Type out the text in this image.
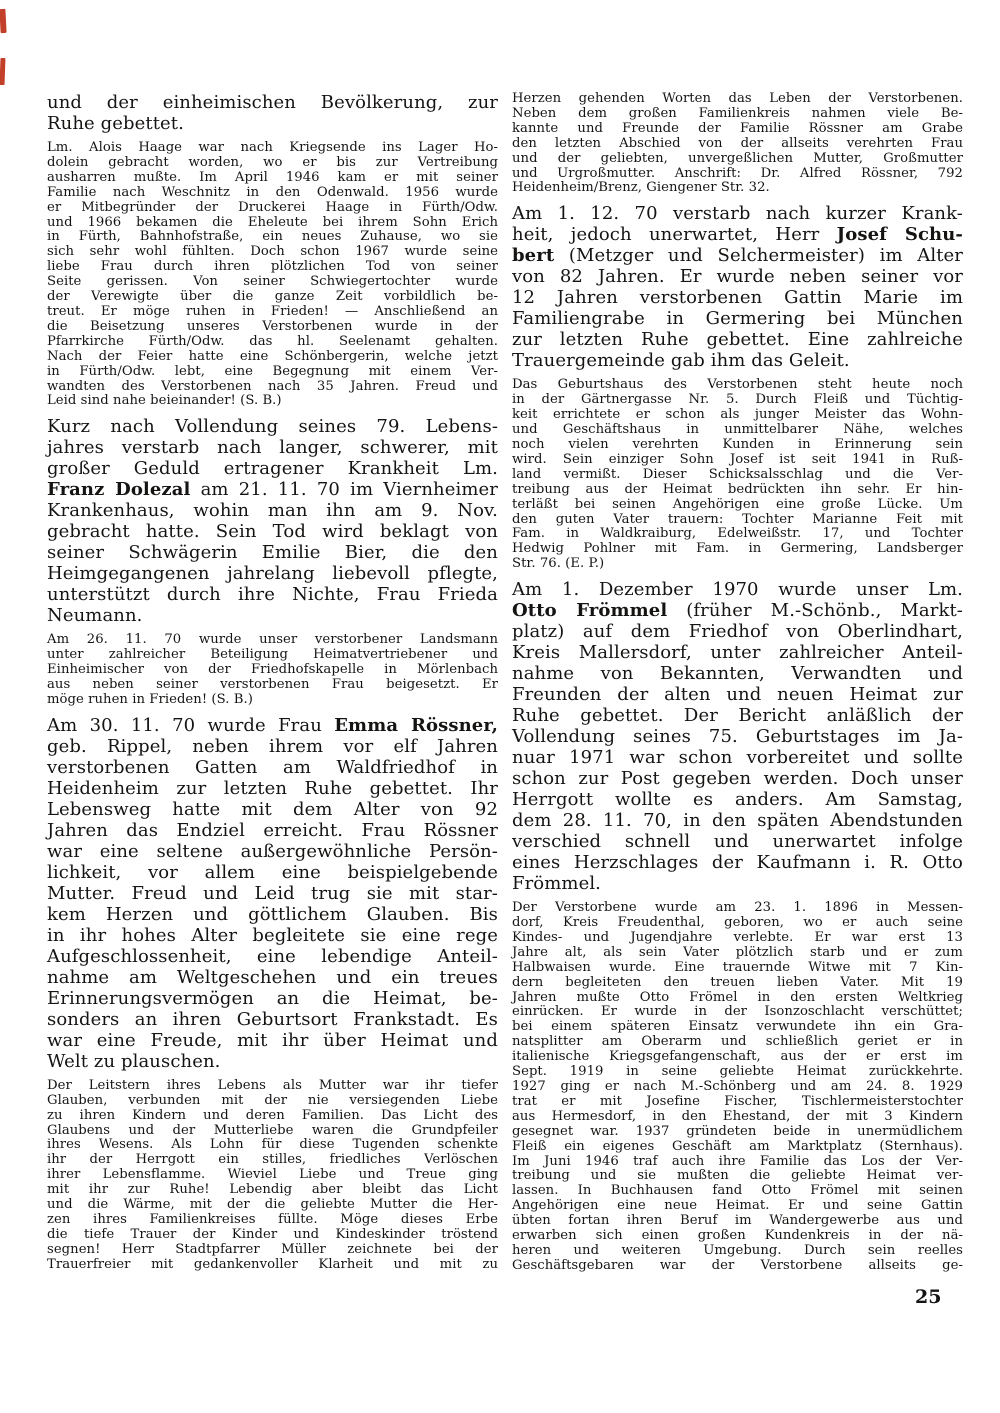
und der einheimischen Bevölkerung, zur
Ruhe gebettet.
Lm. Alois Haage war nach Kriegsende ins Lager Ho-
dolein gebracht worden, wo er bis zur Vertreibung
ausharren mußte. Im April 1946 kam er mit seiner
Familie nach Weschnitz in den Odenwald. 1956 wurde
er Mitbegründer der Druckerei Haage in Fürth/Odw.
und 1966 bekamen die Eheleute bei ihrem Sohn Erich
in Fürth, Bahnhofstraße, ein neues Zuhause, wo sie
sich sehr wohl fühlten. Doch schon 1967 wurde seine
liebe Frau durch ihren plötzlichen Tod von seiner
Seite gerissen. Von seiner Schwiegertochter wurde
der Verewigte über die ganze Zeit vorbildlich be-
treut. Er möge ruhen in Frieden! — Anschließend an
die Beisetzung unseres Verstorbenen wurde in der
Pfarrkirche Fürth/Odw. das hl. Seelenamt gehalten.
Nach der Feier hatte eine Schönbergerin, welche jetzt
in Fürth/Odw. lebt, eine Begegnung mit einem Ver-
wandten des Verstorbenen nach 35 Jahren. Freud und
Leid sind nahe beieinander! (S. B.)
Kurz nach Vollendung seines 79. Lebens-
jahres verstarb nach langer, schwerer, mit
großer Geduld ertragener Krankheit Lm.
Franz Dolezal am 21. 11. 70 im Viernheimer
Krankenhaus, wohin man ihn am 9. Nov.
gebracht hatte. Sein Tod wird beklagt von
seiner Schwägerin Emilie Bier, die den
Heimgegangenen jahrelang liebevoll pflegte,
unterstützt durch ihre Nichte, Frau Frieda
Neumann.
Am 26. 11. 70 wurde unser verstorbener Landsmann
unter zahlreicher Beteiligung Heimatvertriebener und
Einheimischer von der Friedhofskapelle in Mörlenbach
aus neben seiner verstorbenen Frau beigesetzt. Er
möge ruhen in Frieden! (S. B.)
Am 30. 11. 70 wurde Frau Emma Rössner,
geb. Rippel, neben ihrem vor elf Jahren
verstorbenen Gatten am Waldfriedhof in
Heidenheim zur letzten Ruhe gebettet. Ihr
Lebensweg hatte mit dem Alter von 92
Jahren das Endziel erreicht. Frau Rössner
war eine seltene außergewöhnliche Persön-
lichkeit, vor allem eine beispielgebende
Mutter. Freud und Leid trug sie mit star-
kem Herzen und göttlichem Glauben. Bis
in ihr hohes Alter begleitete sie eine rege
Aufgeschlossenheit, eine lebendige Anteil-
nahme am Weltgeschehen und ein treues
Erinnerungsvermögen an die Heimat, be-
sonders an ihren Geburtsort Frankstadt. Es
war eine Freude, mit ihr über Heimat und
Welt zu plauschen.
Der Leitstern ihres Lebens als Mutter war ihr tiefer
Glauben, verbunden mit der nie versiegenden Liebe
zu ihren Kindern und deren Familien. Das Licht des
Glaubens und der Mutterliebe waren die Grundpfeiler
ihres Wesens. Als Lohn für diese Tugenden schenkte
ihr der Herrgott ein stilles, friedliches Verlöschen
ihrer Lebensflamme. Wieviel Liebe und Treue ging
mit ihr zur Ruhe! Lebendig aber bleibt das Licht
und die Wärme, mit der die geliebte Mutter die Her-
zen ihres Familienkreises füllte. Möge dieses Erbe
die tiefe Trauer der Kinder und Kindeskinder tröstend
segnen! Herr Stadtpfarrer Müller zeichnete bei der
Trauerfreier mit gedankenvoller Klarheit und mit zu
Herzen gehenden Worten das Leben der Verstorbenen.
Neben dem großen Familienkreis nahmen viele Be-
kannte und Freunde der Familie Rössner am Grabe
den letzten Abschied von der allseits verehrten Frau
und der geliebten, unvergeßlichen Mutter, Großmutter
und Urgroßmutter. Anschrift: Dr. Alfred Rössner, 792
Heidenheim/Brenz, Giengener Str. 32.
Am 1. 12. 70 verstarb nach kurzer Krank-
heit, jedoch unerwartet, Herr Josef Schu-
bert (Metzger und Selchermeister) im Alter
von 82 Jahren. Er wurde neben seiner vor
12 Jahren verstorbenen Gattin Marie im
Familiengrabe in Germering bei München
zur letzten Ruhe gebettet. Eine zahlreiche
Trauergemeinde gab ihm das Geleit.
Das Geburtshaus des Verstorbenen steht heute noch
in der Gärtnergasse Nr. 5. Durch Fleiß und Tüchtig-
keit errichtete er schon als junger Meister das Wohn-
und Geschäftshaus in unmittelbarer Nähe, welches
noch vielen verehrten Kunden in Erinnerung sein
wird. Sein einziger Sohn Josef ist seit 1941 in Ruß-
land vermißt. Dieser Schicksalsschlag und die Ver-
treibung aus der Heimat bedrückten ihn sehr. Er hin-
terläßt bei seinen Angehörigen eine große Lücke. Um
den guten Vater trauern: Tochter Marianne Feit mit
Fam. in Waldkraiburg, Edelweißstr. 17, und Tochter
Hedwig Pohlner mit Fam. in Germering, Landsberger
Str. 76. (E. P.)
Am 1. Dezember 1970 wurde unser Lm.
Otto Frömmel (früher M.-Schönb., Markt-
platz) auf dem Friedhof von Oberlindhart,
Kreis Mallersdorf, unter zahlreicher Anteil-
nahme von Bekannten, Verwandten und
Freunden der alten und neuen Heimat zur
Ruhe gebettet. Der Bericht anläßlich der
Vollendung seines 75. Geburtstages im Ja-
nuar 1971 war schon vorbereitet und sollte
schon zur Post gegeben werden. Doch unser
Herrgott wollte es anders. Am Samstag,
dem 28. 11. 70, in den späten Abendstunden
verschied schnell und unerwartet infolge
eines Herzschlages der Kaufmann i. R. Otto
Frömmel.
Der Verstorbene wurde am 23. 1. 1896 in Messen-
dorf, Kreis Freudenthal, geboren, wo er auch seine
Kindes- und Jugendjahre verlebte. Er war erst 13
Jahre alt, als sein Vater plötzlich starb und er zum
Halbwaisen wurde. Eine trauernde Witwe mit 7 Kin-
dern begleiteten den treuen lieben Vater. Mit 19
Jahren mußte Otto Frömel in den ersten Weltkrieg
einrücken. Er wurde in der Isonzoschlacht verschüttet;
bei einem späteren Einsatz verwundete ihn ein Gra-
natsplitter am Oberarm und schließlich geriet er in
italienische Kriegsgefangenschaft, aus der er erst im
Sept. 1919 in seine geliebte Heimat zurückkehrte.
1927 ging er nach M.-Schönberg und am 24. 8. 1929
trat er mit Josefine Fischer, Tischlermeisterstochter
aus Hermesdorf, in den Ehestand, der mit 3 Kindern
gesegnet war. 1937 gründeten beide in unermüdlichem
Fleiß ein eigenes Geschäft am Marktplatz (Sternhaus).
Im Juni 1946 traf auch ihre Familie das Los der Ver-
treibung und sie mußten die geliebte Heimat ver-
lassen. In Buchhausen fand Otto Frömel mit seinen
Angehörigen eine neue Heimat. Er und seine Gattin
übten fortan ihren Beruf im Wandergewerbe aus und
erwarben sich einen großen Kundenkreis in der nä-
heren und weiteren Umgebung. Durch sein reelles
Geschäftsgebaren war der Verstorbene allseits ge-
25
